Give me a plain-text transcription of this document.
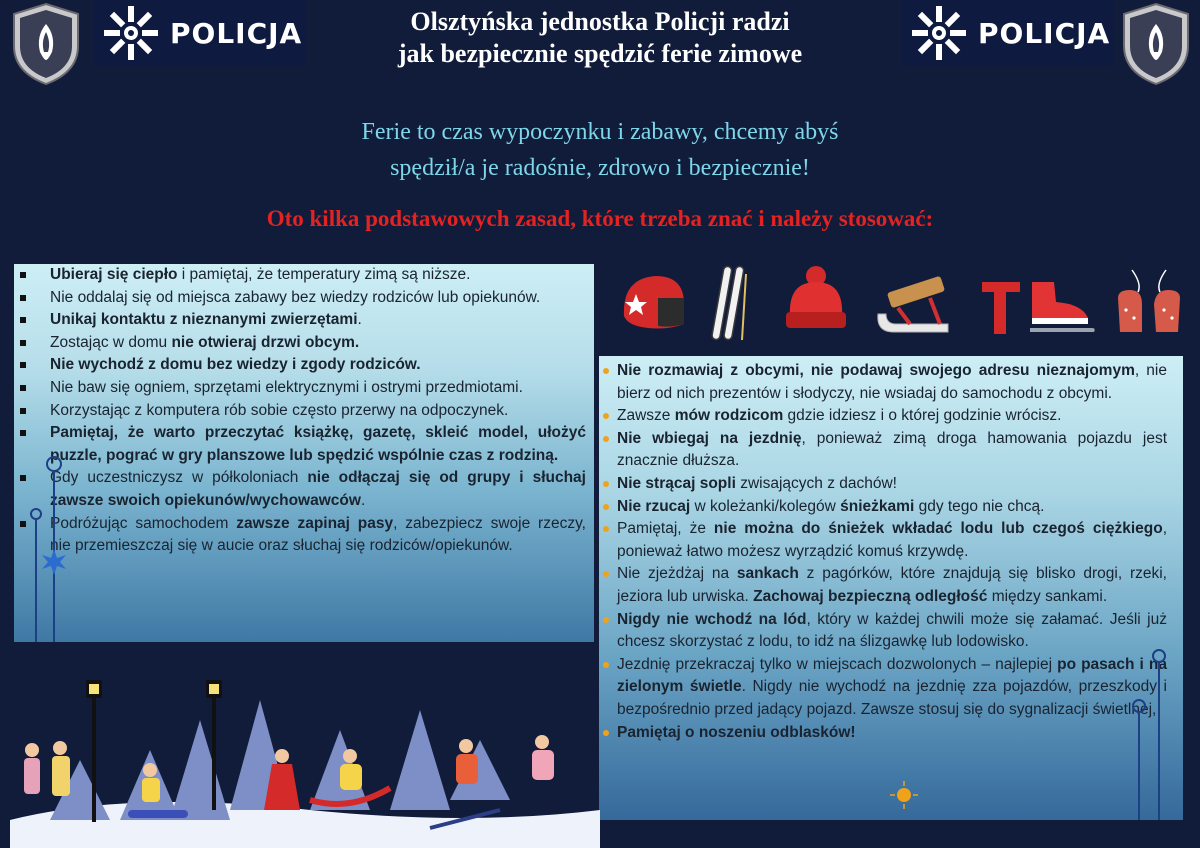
POLICJA	POLICJA
Olsztyńska jednostka Policji radzi
jak bezpiecznie spędzić ferie zimowe
Ferie to czas wypoczynku i zabawy, chcemy abyś
spędził/a je radośnie, zdrowo i bezpiecznie!
Oto kilka podstawowych zasad, które trzeba znać i należy stosować:
Ubieraj się ciepło i pamiętaj, że temperatury zimą są niższe.
Nie oddalaj się od miejsca zabawy bez wiedzy rodziców lub opiekunów.
Unikaj kontaktu z nieznanymi zwierzętami.
Zostając w domu nie otwieraj drzwi obcym.
Nie wychodź z domu bez wiedzy i zgody rodziców.
Nie baw się ogniem, sprzętami elektrycznymi i ostrymi przedmiotami.
Korzystając z komputera rób sobie często przerwy na odpoczynek.
Pamiętaj, że warto przeczytać książkę, gazetę, skleić model, ułożyć puzzle, pograć w gry planszowe lub spędzić wspólnie czas z rodziną.
Gdy uczestniczysz w półkoloniach nie odłączaj się od grupy i słuchaj zawsze swoich opiekunów/wychowawców.
Podróżując samochodem zawsze zapinaj pasy, zabezpiecz swoje rzeczy, nie przemieszczaj się w aucie oraz słuchaj się rodziców/opiekunów.
Nie rozmawiaj z obcymi, nie podawaj swojego adresu nieznajomym, nie bierz od nich prezentów i słodyczy, nie wsiadaj do samochodu z obcymi.
Zawsze mów rodzicom gdzie idziesz i o której godzinie wrócisz.
Nie wbiegaj na jezdnię, ponieważ zimą droga hamowania pojazdu jest znacznie dłuższa.
Nie strącaj sopli zwisających z dachów!
Nie rzucaj w koleżanki/kolegów śnieżkami gdy tego nie chcą.
Pamiętaj, że nie można do śnieżek wkładać lodu lub czegoś ciężkiego, ponieważ łatwo możesz wyrządzić komuś krzywdę.
Nie zjeżdżaj na sankach z pagórków, które znajdują się blisko drogi, rzeki, jeziora lub urwiska. Zachowaj bezpieczną odległość między sankami.
Nigdy nie wchodź na lód, który w każdej chwili może się załamać. Jeśli już chcesz skorzystać z lodu, to idź na ślizgawkę lub lodowisko.
Jezdnię przekraczaj tylko w miejscach dozwolonych – najlepiej po pasach i na zielonym świetle. Nigdy nie wychodź na jezdnię zza pojazdów, przeszkody i bezpośrednio przed jadący pojazd. Zawsze stosuj się do sygnalizacji świetlnej,
Pamiętaj o noszeniu odblasków!
